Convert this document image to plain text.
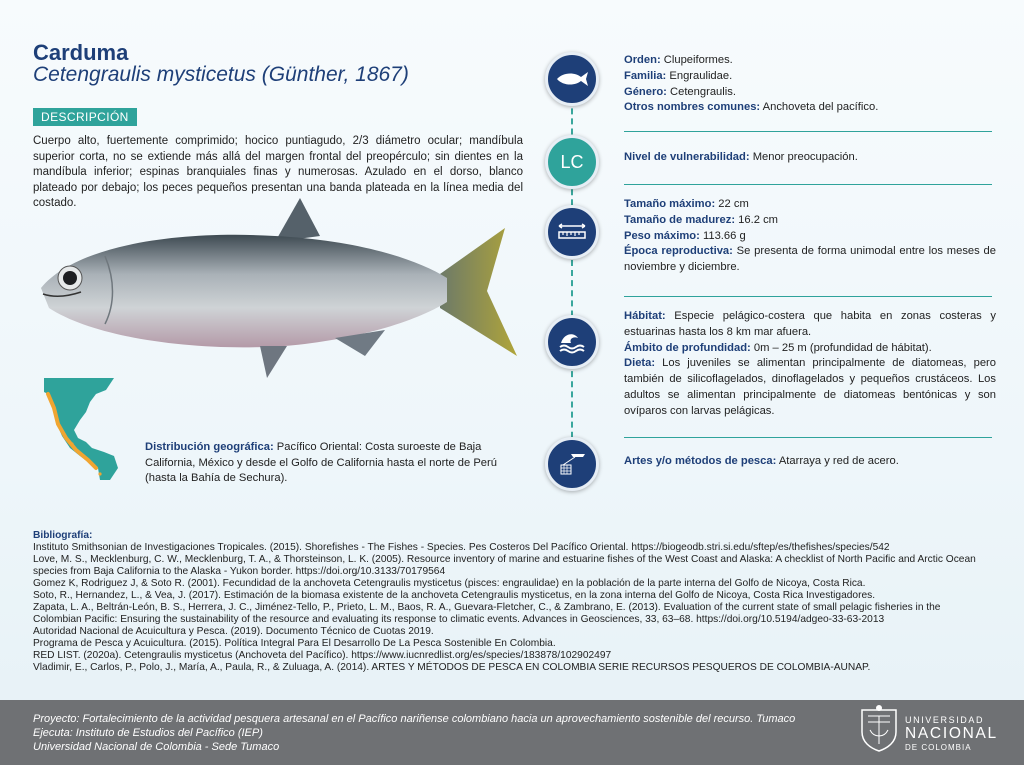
Carduma
Cetengraulis mysticetus (Günther, 1867)
DESCRIPCIÓN
Cuerpo alto, fuertemente comprimido; hocico puntiagudo, 2/3 diámetro ocular; mandíbula superior corta, no se extiende más allá del margen frontal del preopérculo; sin dientes en la mandíbula inferior; espinas branquiales finas y numerosas. Azulado en el dorso, blanco plateado por debajo; los peces pequeños presentan una banda plateada en la línea media del costado.
Distribución geográfica: Pacífico Oriental: Costa suroeste de Baja California, México y desde el Golfo de California hasta el norte de Perú (hasta la Bahía de Sechura).
LC
Orden: Clupeiformes.
Familia: Engraulidae.
Género: Cetengraulis.
Otros nombres comunes: Anchoveta del pacífico.
Nivel de vulnerabilidad: Menor preocupación.
Tamaño máximo: 22 cm
Tamaño de madurez: 16.2 cm
Peso máximo: 113.66 g
Época reproductiva: Se presenta de forma unimodal entre los meses de noviembre y diciembre.
Hábitat: Especie pelágico-costera que habita en zonas costeras y estuarinas hasta los 8 km mar afuera.
Ámbito de profundidad: 0m – 25 m (profundidad de hábitat).
Dieta: Los juveniles se alimentan principalmente de diatomeas, pero también de silicoflagelados, dinoflagelados y pequeños crustáceos. Los adultos se alimentan principalmente de diatomeas bentónicas y son ovíparos con larvas pelágicas.
Artes y/o métodos de pesca: Atarraya y red de acero.

Bibliografía:

Instituto Smithsonian de Investigaciones Tropicales. (2015). Shorefishes - The Fishes - Species. Pes Costeros Del Pacífico Oriental. https://biogeodb.stri.si.edu/sftep/es/thefishes/species/542

Love, M. S., Mecklenburg, C. W., Mecklenburg, T. A., & Thorsteinson, L. K. (2005). Resource inventory of marine and estuarine fishes of the West Coast and Alaska: A checklist of North Pacific and Arctic Ocean species from Baja California to the Alaska - Yukon border. https://doi.org/10.3133/70179564

Gomez K, Rodriguez J, & Soto R. (2001). Fecundidad de la anchoveta Cetengraulis mysticetus (pisces: engraulidae) en la población de la parte interna del Golfo de Nicoya, Costa Rica.

Soto, R., Hernandez, L., & Vea, J. (2017). Estimación de la biomasa existente de la anchoveta Cetengraulis mysticetus, en la zona interna del Golfo de Nicoya, Costa Rica Investigadores.

Zapata, L. A., Beltrán-León, B. S., Herrera, J. C., Jiménez-Tello, P., Prieto, L. M., Baos, R. A., Guevara-Fletcher, C., & Zambrano, E. (2013). Evaluation of the current state of small pelagic fisheries in the Colombian Pacific: Ensuring the sustainability of the resource and evaluating its response to climatic events. Advances in Geosciences, 33, 63–68. https://doi.org/10.5194/adgeo-33-63-2013

Autoridad Nacional de Acuicultura y Pesca. (2019). Documento Técnico de Cuotas 2019.

Programa de Pesca y Acuicultura. (2015). Política Integral Para El Desarrollo De La Pesca Sostenible En Colombia.

RED LIST. (2020a). Cetengraulis mysticetus (Anchoveta del Pacífico). https://www.iucnredlist.org/es/species/183878/102902497

Vladimir, E., Carlos, P., Polo, J., María, A., Paula, R., & Zuluaga, A. (2014). ARTES Y MÉTODOS DE PESCA EN COLOMBIA SERIE RECURSOS PESQUEROS DE COLOMBIA-AUNAP.

Proyecto: Fortalecimiento de la actividad pesquera artesanal en el Pacífico nariñense colombiano hacia un aprovechamiento sostenible del recurso. Tumaco
Ejecuta: Instituto de Estudios del Pacífico (IEP)
Universidad Nacional de Colombia - Sede Tumaco
UNIVERSIDAD
NACIONAL
DE COLOMBIA
